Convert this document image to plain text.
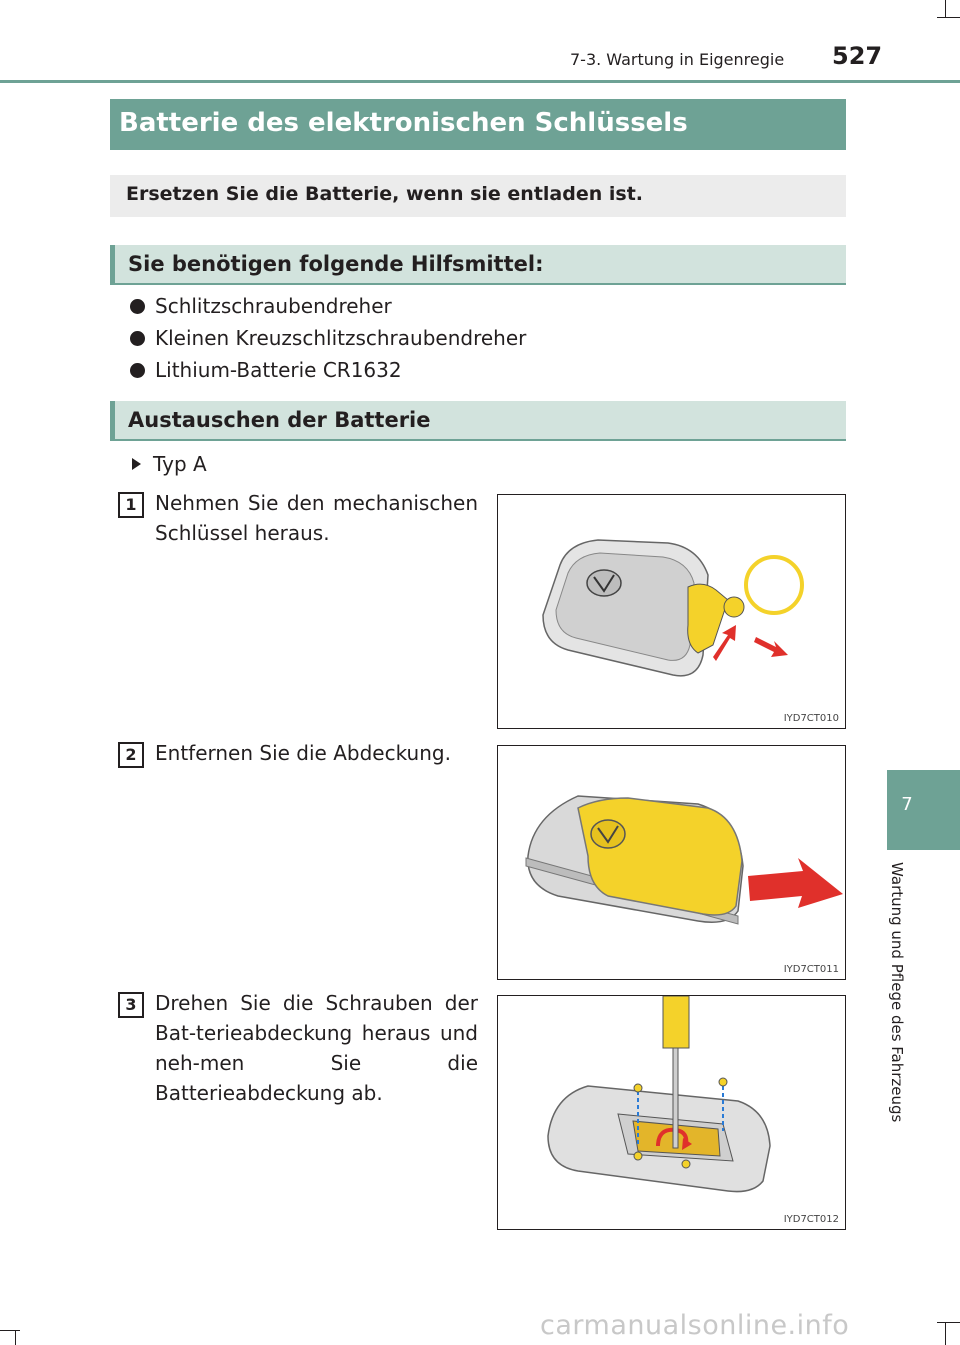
7-3. Wartung in Eigenregie 527
Batterie des elektronischen Schlüssels
Ersetzen Sie die Batterie, wenn sie entladen ist.
Sie benötigen folgende Hilfsmittel:
Schlitzschraubendreher
Kleinen Kreuzschlitzschraubendreher
Lithium-Batterie CR1632
Austauschen der Batterie
Typ A
1 Nehmen Sie den mechanischen Schlüssel heraus.
IYD7CT010
2 Entfernen Sie die Abdeckung.
IYD7CT011
3 Drehen Sie die Schrauben der Bat-terieabdeckung heraus und neh-men Sie die Batterieabdeckung ab.
IYD7CT012
7
Wartung und Pflege des Fahrzeugs
carmanualsonline.info
